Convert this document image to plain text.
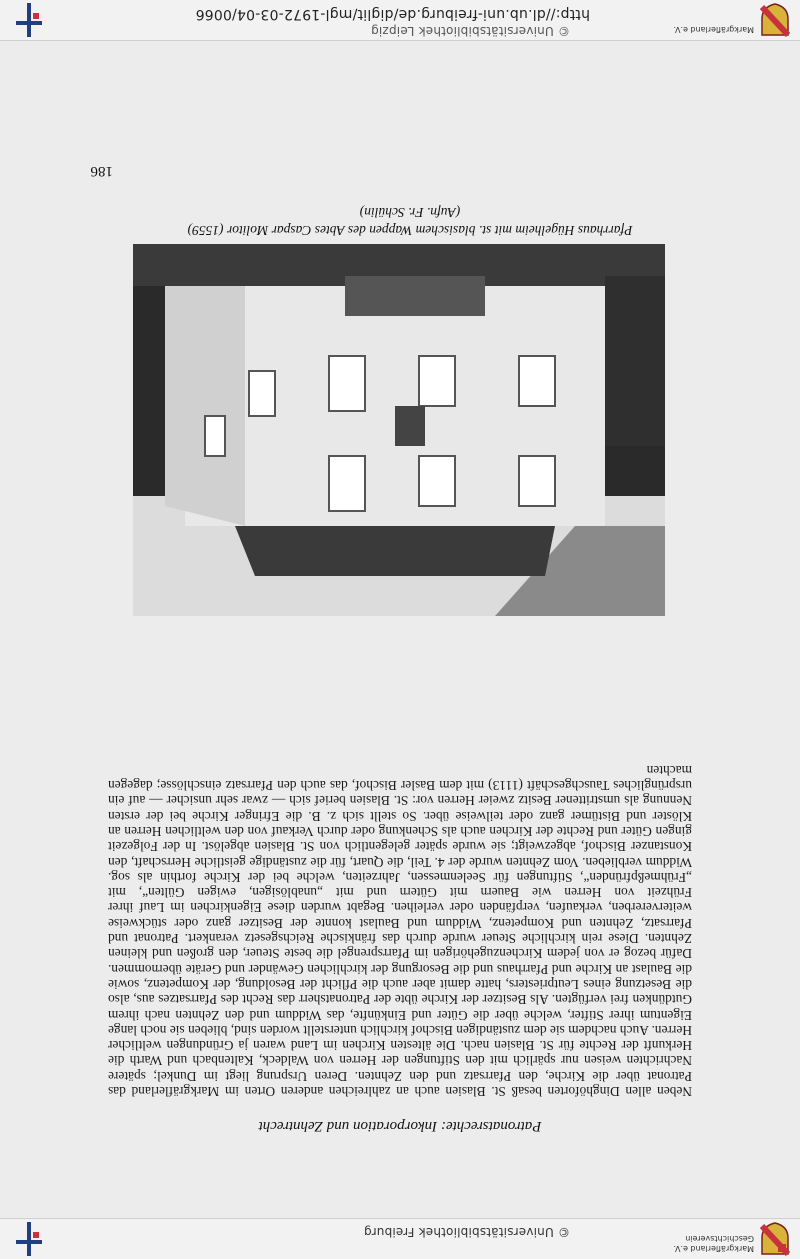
Markgräflerland e.V.
Geschichtsverein
© Universitätsbibliothek Freiburg
Patronatsrechte: Inkorporation und Zehntrecht

Neben allen Dinghöforten besaß St. Blasien auch an zahlreichen anderen Orten im Markgräflerland das Patronat über die Kirche, den Pfarrsatz und den Zehnten. Deren Ursprung liegt im Dunkel; spätere Nachrichten weisen nur spärlich mit den Stiftungen der Herren von Waldeck, Kaltenbach und Warth die Herkunft der Rechte für St. Blasien nach. Die ältesten Kirchen im Land waren ja Gründungen weltlicher Herren. Auch nachdem sie dem zuständigen Bischof kirchlich unterstellt worden sind, blieben sie noch lange Eigentum ihrer Stifter, welche über die Güter und Einkünfte, das Widdum und den Zehnten nach ihrem Gutdünken frei verfügten. Als Besitzer der Kirche übte der Patronatsherr das Recht des Pfarrsatzes aus, also die Besetzung eines Leutpriesters, hatte damit aber auch die Pflicht der Besoldung, der Kompetenz, sowie die Baulast an Kirche und Pfarrhaus und die Besorgung der kirchlichen Gewänder und Geräte übernommen. Dafür bezog er von jedem Kirchenzugehörigen im Pfarrsprengel die beste Steuer, den großen und kleinen Zehnten. Diese rein kirchliche Steuer wurde durch das fränkische Reichsgesetz verankert. Patronat und Pfarrsatz, Zehnten und Kompetenz, Widdum und Baulast konnte der Besitzer ganz oder stückweise weitervererben, verkaufen, verpfänden oder verleihen. Begabt wurden diese Eigenkirchen im Lauf ihrer Frühzeit von Herren wie Bauern mit Gütern und mit „unablösigen, ewigen Gülten“, mit „Frühmeßpfründen“, Stiftungen für Seelenmessen, Jahrzeiten, welche bei der Kirche forthin als sog. Widdum verblieben. Vom Zehnten wurde der 4. Teil, die Quart, für die zuständige geistliche Herrschaft, den Konstanzer Bischof, abgezweigt; sie wurde später gelegentlich von St. Blasien abgelöst. In der Folgezeit gingen Güter und Rechte der Kirchen auch als Schenkung oder durch Verkauf von den weltlichen Herren an Klöster und Bistümer ganz oder teilweise über. So stellt sich z. B. die Efringer Kirche bei der ersten Nennung als umstrittener Besitz zweier Herren vor: St. Blasien berief sich — zwar sehr unsicher — auf ein ursprüngliches Tauschgeschäft (1113) mit dem Basler Bischof, das auch den Pfarrsatz einschlösse; dagegen machten

Pfarrhaus Hügelheim mit st. blasischem Wappen des Abtes Caspar Molitor (1559)
(Aufn. Fr. Schülin)
186
Markgräflerland e.V.
© Universitätsbibliothek Leipzig
http://dl.ub.uni-freiburg.de/diglit/mgl-1972-03-04/0066
